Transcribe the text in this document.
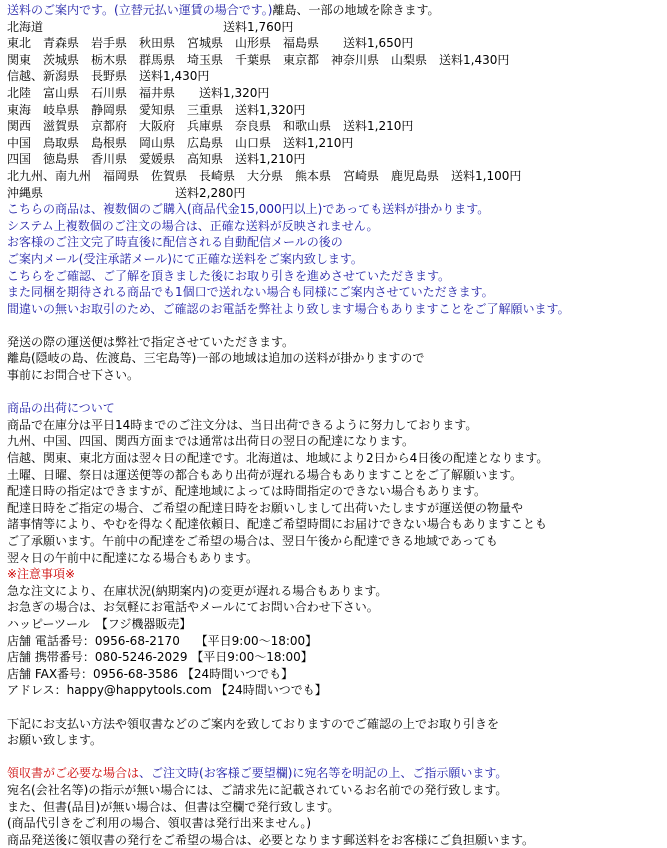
送料のご案内です。(立替元払い運賃の場合です。)離島、一部の地域を除きます。
北海道　　　　　　　　　　　　　　　送料1,760円
東北　青森県　岩手県　秋田県　宮城県　山形県　福島県　　送料1,650円
関東　茨城県　栃木県　群馬県　埼玉県　千葉県　東京都　神奈川県　山梨県　送料1,430円
信越、新潟県　長野県　送料1,430円
北陸　富山県　石川県　福井県　　送料1,320円
東海　岐阜県　静岡県　愛知県　三重県　送料1,320円
関西　滋賀県　京都府　大阪府　兵庫県　奈良県　和歌山県　送料1,210円
中国　鳥取県　島根県　岡山県　広島県　山口県　送料1,210円
四国　徳島県　香川県　愛媛県　高知県　送料1,210円
北九州、南九州　福岡県　佐賀県　長崎県　大分県　熊本県　宮崎県　鹿児島県　送料1,100円
沖縄県　　　　　　　　　　　送料2,280円
こちらの商品は、複数個のご購入(商品代金15,000円以上)であっても送料が掛かります。
システム上複数個のご注文の場合は、正確な送料が反映されません。
お客様のご注文完了時直後に配信される自動配信メールの後の
ご案内メール(受注承諾メール)にて正確な送料をご案内致します。
こちらをご確認、ご了解を頂きました後にお取り引きを進めさせていただきます。
また同梱を期待される商品でも1個口で送れない場合も同様にご案内させていただきます。
間違いの無いお取引のため、ご確認のお電話を弊社より致します場合もありますことをご了解願います。
発送の際の運送便は弊社で指定させていただきます。
離島(隠岐の島、佐渡島、三宅島等)一部の地域は追加の送料が掛かりますので
事前にお問合せ下さい。
商品の出荷について
商品で在庫分は平日14時までのご注文分は、当日出荷できるように努力しております。
九州、中国、四国、関西方面までは通常は出荷日の翌日の配達になります。
信越、関東、東北方面は翌々日の配達です。北海道は、地域により2日から4日後の配達となります。
土曜、日曜、祭日は運送便等の都合もあり出荷が遅れる場合もありますことをご了解願います。
配達日時の指定はできますが、配達地域によっては時間指定のできない場合もあります。
配達日時をご指定の場合、ご希望の配達日時をお願いしまして出荷いたしますが運送便の物量や
諸事情等により、やむを得なく配達依頼日、配達ご希望時間にお届けできない場合もありますことも
ご了承願います。午前中の配達をご希望の場合は、翌日午後から配達できる地域であっても
翌々日の午前中に配達になる場合もあります。
※注意事項※
急な注文により、在庫状況(納期案内)の変更が遅れる場合もあります。
お急ぎの場合は、お気軽にお電話やメールにてお問い合わせ下さい。
ハッピーツール　【フジ機器販売】
店舗 電話番号：0956-68-2170　 【平日9:00～18:00】
店舗 携帯番号：080-5246-2029 【平日9:00～18:00】
店舗 FAX番号：0956-68-3586 【24時間いつでも】
アドレス：happy@happytools.com 【24時間いつでも】
下記にお支払い方法や領収書などのご案内を致しておりますのでご確認の上でお取り引きを
お願い致します。
領収書がご必要な場合は、ご注文時(お客様ご要望欄)に宛名等を明記の上、ご指示願います。
宛名(会社名等)の指示が無い場合には、ご請求先に記載されているお名前での発行致します。
また、但書(品目)が無い場合は、但書は空欄で発行致します。
(商品代引きをご利用の場合、領収書は発行出来ません。)
商品発送後に領収書の発行をご希望の場合は、必要となります郵送料をお客様にご負担願います。
